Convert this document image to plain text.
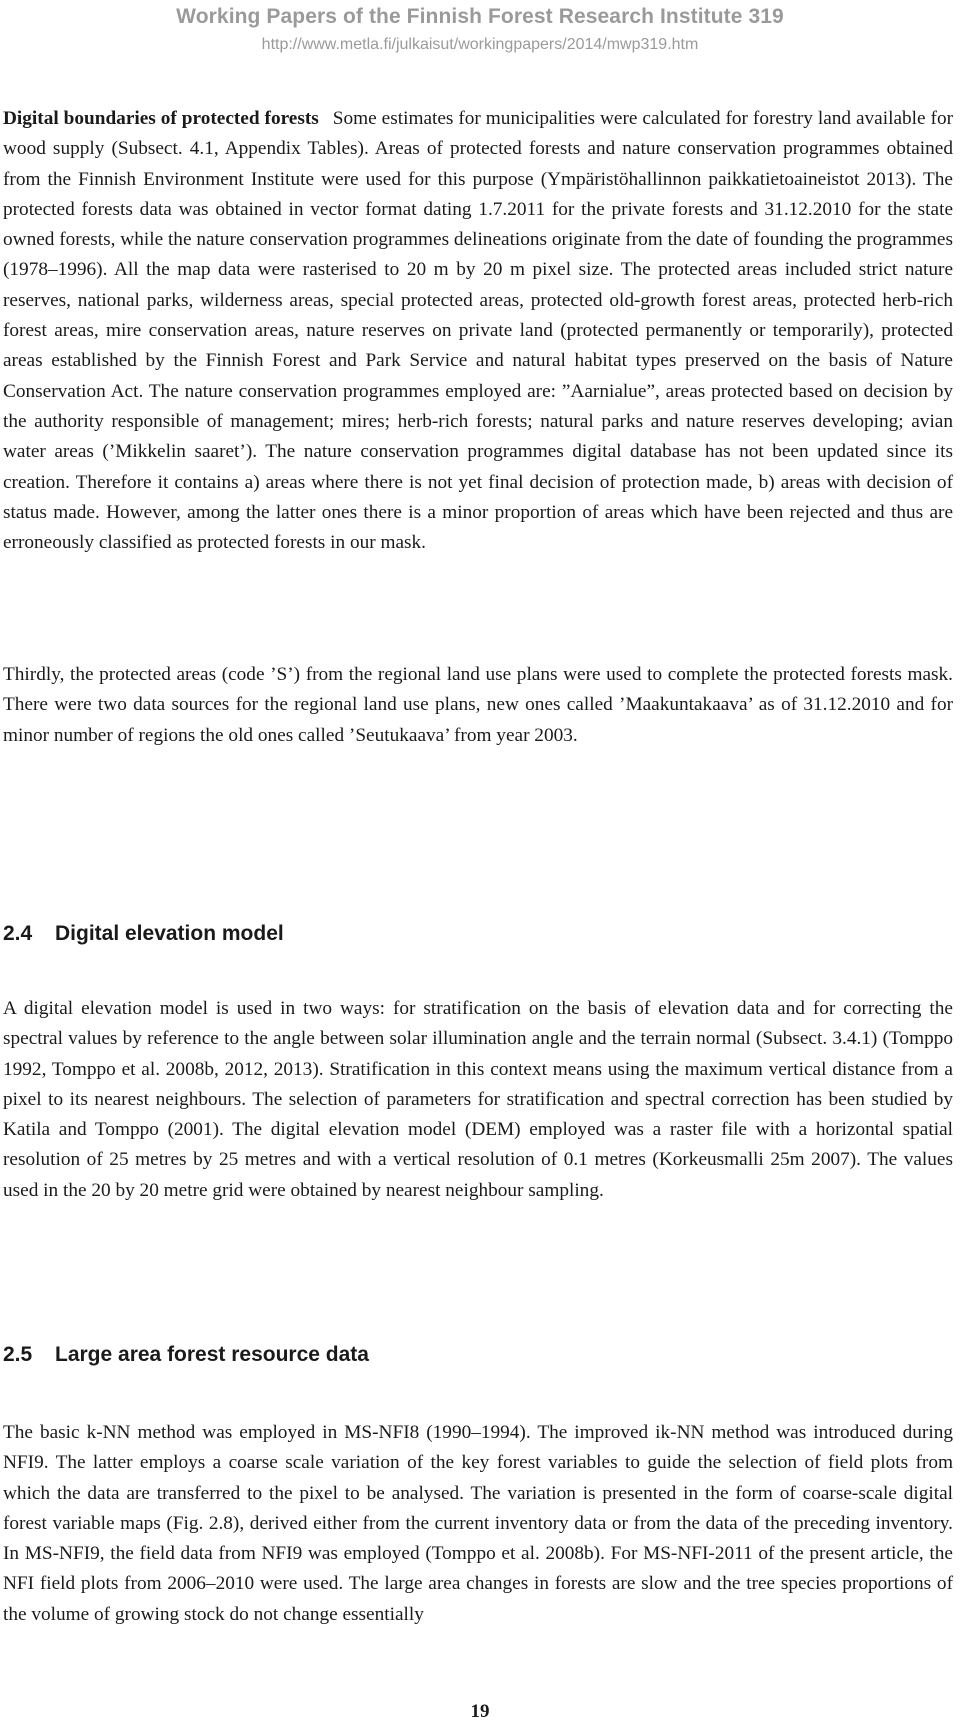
Working Papers of the Finnish Forest Research Institute 319
http://www.metla.fi/julkaisut/workingpapers/2014/mwp319.htm

Digital boundaries of protected forests Some estimates for municipalities were calculated for forestry land available for wood supply (Subsect. 4.1, Appendix Tables). Areas of protected forests and nature conservation programmes obtained from the Finnish Environment Institute were used for this purpose (Ympäristöhallinnon paikkatietoaineistot 2013). The protected forests data was obtained in vector format dating 1.7.2011 for the private forests and 31.12.2010 for the state owned forests, while the nature conservation programmes delineations originate from the date of founding the programmes (1978–1996). All the map data were rasterised to 20 m by 20 m pixel size. The protected areas included strict nature reserves, national parks, wilderness areas, special protected areas, protected old-growth forest areas, protected herb-rich forest areas, mire conservation areas, nature reserves on private land (protected permanently or temporarily), protected areas established by the Finnish Forest and Park Service and natural habitat types preserved on the basis of Nature Conservation Act. The nature conservation programmes employed are: ”Aarnialue”, areas protected based on decision by the authority responsible of management; mires; herb-rich forests; natural parks and nature reserves developing; avian water areas (’Mikkelin saaret’). The nature conservation programmes digital database has not been updated since its creation. Therefore it contains a) areas where there is not yet final decision of protection made, b) areas with decision of status made. However, among the latter ones there is a minor proportion of areas which have been rejected and thus are erroneously classified as protected forests in our mask.

Thirdly, the protected areas (code ’S’) from the regional land use plans were used to complete the protected forests mask. There were two data sources for the regional land use plans, new ones called ’Maakuntakaava’ as of 31.12.2010 and for minor number of regions the old ones called ’Seutukaava’ from year 2003.

2.4 Digital elevation model

A digital elevation model is used in two ways: for stratification on the basis of elevation data and for correcting the spectral values by reference to the angle between solar illumination angle and the terrain normal (Subsect. 3.4.1) (Tomppo 1992, Tomppo et al. 2008b, 2012, 2013). Stratification in this context means using the maximum vertical distance from a pixel to its nearest neighbours. The selection of parameters for stratification and spectral correction has been studied by Katila and Tomppo (2001). The digital elevation model (DEM) employed was a raster file with a horizontal spatial resolution of 25 metres by 25 metres and with a vertical resolution of 0.1 metres (Korkeusmalli 25m 2007). The values used in the 20 by 20 metre grid were obtained by nearest neighbour sampling.

2.5 Large area forest resource data

The basic k-NN method was employed in MS-NFI8 (1990–1994). The improved ik-NN method was introduced during NFI9. The latter employs a coarse scale variation of the key forest variables to guide the selection of field plots from which the data are transferred to the pixel to be analysed. The variation is presented in the form of coarse-scale digital forest variable maps (Fig. 2.8), derived either from the current inventory data or from the data of the preceding inventory. In MS-NFI9, the field data from NFI9 was employed (Tomppo et al. 2008b). For MS-NFI-2011 of the present article, the NFI field plots from 2006–2010 were used. The large area changes in forests are slow and the tree species proportions of the volume of growing stock do not change essentially

19
